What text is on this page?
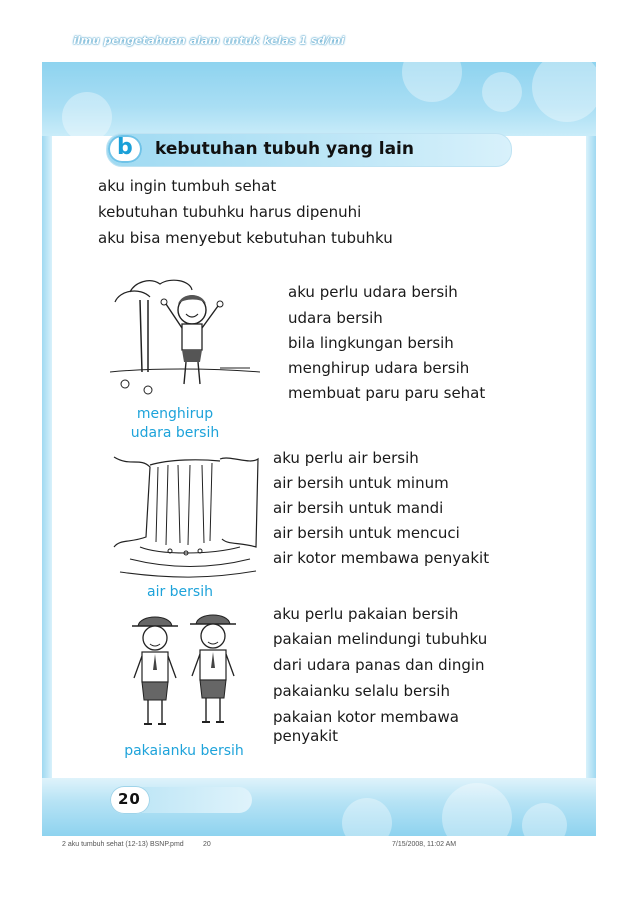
ilmu pengetahuan alam untuk kelas 1 sd/mi
b kebutuhan tubuh yang lain
aku ingin tumbuh sehat
kebutuhan tubuhku harus dipenuhi
aku bisa menyebut kebutuhan tubuhku
menghirup
udara bersih
aku perlu udara bersih
udara bersih
bila lingkungan bersih
menghirup udara bersih
membuat paru paru sehat
air bersih
aku perlu air bersih
air bersih untuk minum
air bersih untuk mandi
air bersih untuk mencuci
air kotor membawa penyakit
pakaianku bersih
aku perlu pakaian bersih
pakaian melindungi tubuhku
dari udara panas dan dingin
pakaianku selalu bersih
pakaian kotor membawa
penyakit
20
2 aku tumbuh sehat (12-13) BSNP.pmd	20	7/15/2008, 11:02 AM
